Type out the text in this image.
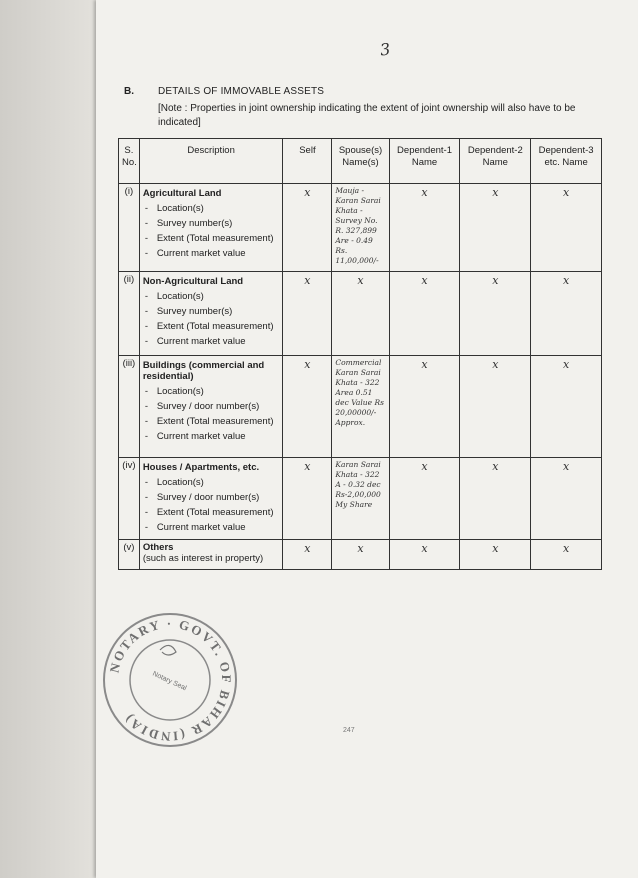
3
B. DETAILS OF IMMOVABLE ASSETS
[Note : Properties in joint ownership indicating the extent of joint ownership will also have to be indicated]
S. No.	Description	Self	Spouse(s) Name(s)	Dependent-1 Name	Dependent-2 Name	Dependent-3 etc. Name
(i)	Agricultural Land
- Location(s)
- Survey number(s)
- Extent (Total measurement)
- Current market value	x	Mauja - Karan Sarai Khata - Survey No. R. 327,899 Are - 0.49 Rs. 11,00,000/-	x	x	x
(ii)	Non-Agricultural Land
- Location(s)
- Survey number(s)
- Extent (Total measurement)
- Current market value	x	x	x	x	x
(iii)	Buildings (commercial and residential)
- Location(s)
- Survey / door number(s)
- Extent (Total measurement)
- Current market value	x	Commercial Karan Sarai Khata - 322 Area 0.51 dec Value Rs 20,00000/- Approx.	x	x	x
(iv)	Houses / Apartments, etc.
- Location(s)
- Survey / door number(s)
- Extent (Total measurement)
- Current market value	x	Karan Sarai Khata - 322 A - 0.32 dec Rs-2,00,000 My Share	x	x	x
(v)	Others
(such as interest in property)	x	x	x	x	x
NOTARY · GOVT. OF BIHAR (INDIA)
Notary Seal
247
